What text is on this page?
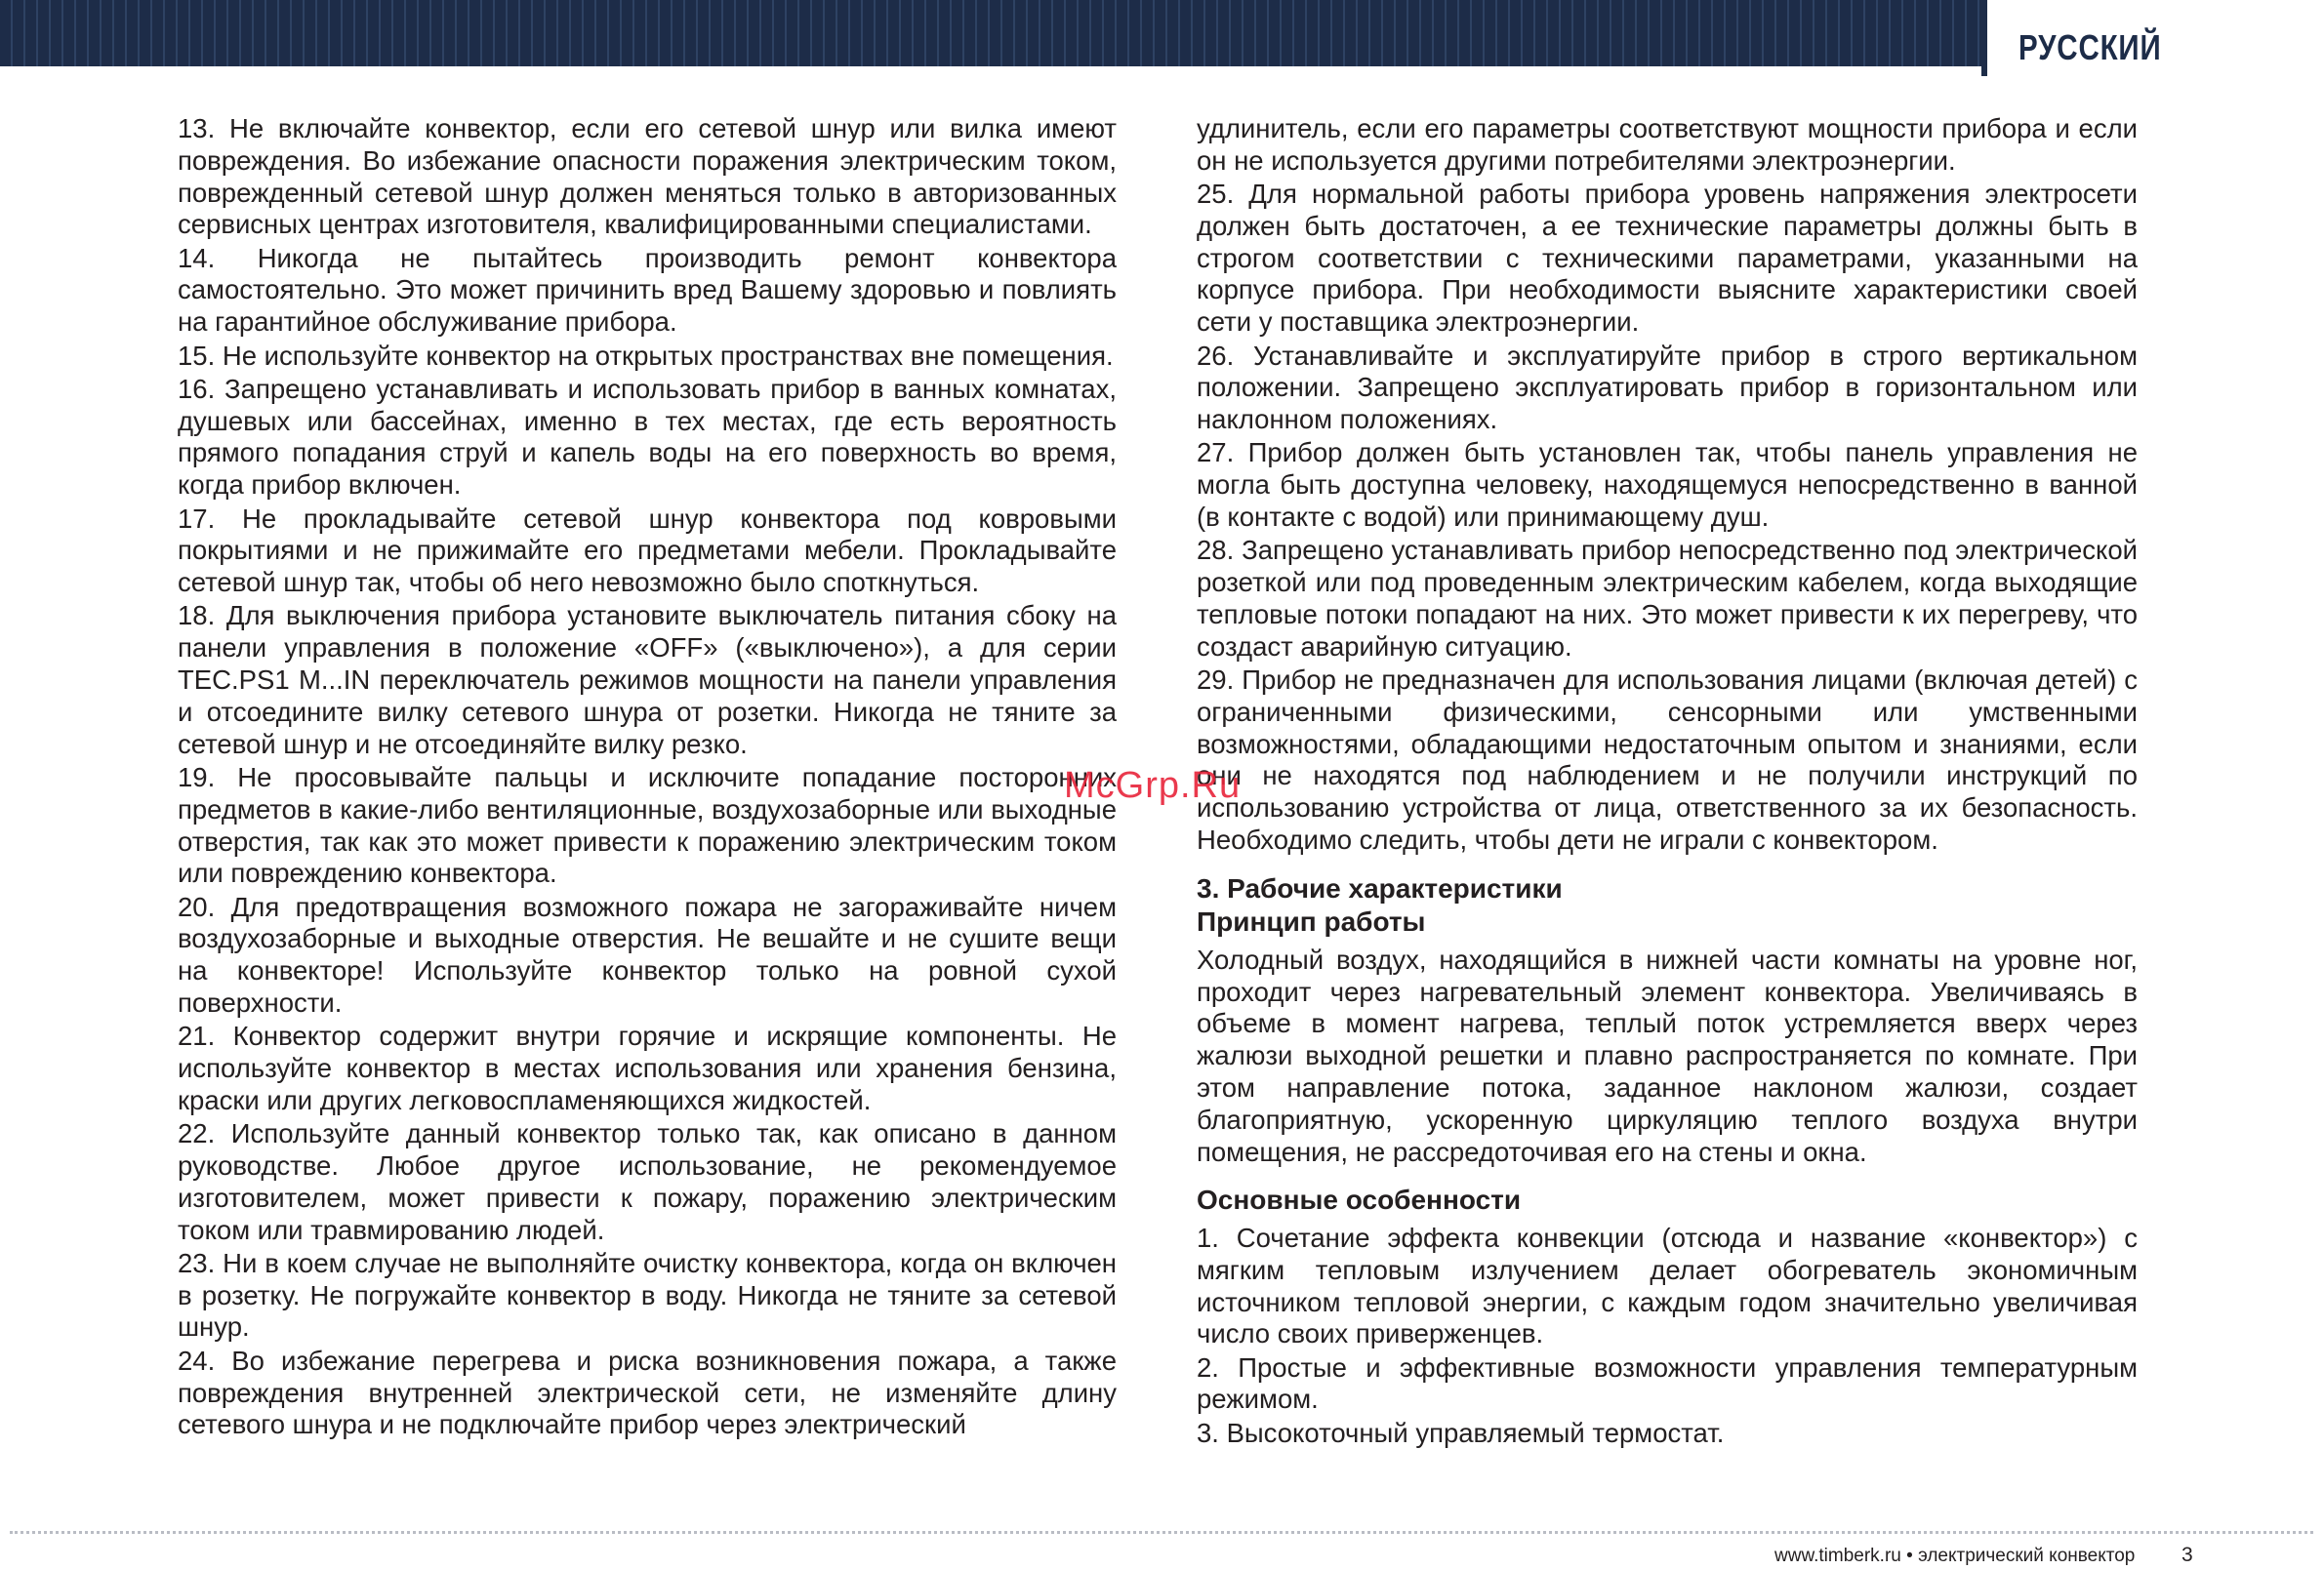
РУССКИЙ

13. Не включайте конвектор, если его сетевой шнур или вилка имеют повреждения. Во избежание опасности поражения электрическим током, поврежденный сетевой шнур должен меняться только в авторизованных сервисных центрах изготовителя, квалифицированными специалистами.

14. Никогда не пытайтесь производить ремонт конвектора самостоятельно. Это может причинить вред Вашему здоровью и повлиять на гарантийное обслуживание прибора.

15. Не используйте конвектор на открытых пространствах вне помещения.

16. Запрещено устанавливать и использовать прибор в ванных комнатах, душевых или бассейнах, именно в тех местах, где есть вероятность прямого попадания струй и капель воды на его поверхность во время, когда прибор включен.

17. Не прокладывайте сетевой шнур конвектора под ковровыми покрытиями и не прижимайте его предметами мебели. Прокладывайте сетевой шнур так, чтобы об него невозможно было споткнуться.

18. Для выключения прибора установите выключатель питания сбоку на панели управления в положение «OFF» («выключено»), а для серии TEC.PS1 M...IN переключатель режимов мощности на панели управления и отсоедините вилку сетевого шнура от розетки. Никогда не тяните за сетевой шнур и не отсоединяйте вилку резко.

19. Не просовывайте пальцы и исключите попадание посторонних предметов в какие-либо вентиляционные, воздухозаборные или выходные отверстия, так как это может привести к поражению электрическим током или повреждению конвектора.

20. Для предотвращения возможного пожара не загораживайте ничем воздухозаборные и выходные отверстия. Не вешайте и не сушите вещи на конвекторе! Используйте конвектор только на ровной сухой поверхности.

21. Конвектор содержит внутри горячие и искрящие компоненты. Не используйте конвектор в местах использования или хранения бензина, краски или других легковоспламеняющихся жидкостей.

22. Используйте данный конвектор только так, как описано в данном руководстве. Любое другое использование, не рекомендуемое изготовителем, может привести к пожару, поражению электрическим током или травмированию людей.

23. Ни в коем случае не выполняйте очистку конвектора, когда он включен в розетку. Не погружайте конвектор в воду. Никогда не тяните за сетевой шнур.

24. Во избежание перегрева и риска возникновения пожара, а также повреждения внутренней электрической сети, не изменяйте длину сетевого шнура и не подключайте прибор через электрический

удлинитель, если его параметры соответствуют мощности прибора и если он не используется другими потребителями электроэнергии.

25. Для нормальной работы прибора уровень напряжения электросети должен быть достаточен, а ее технические параметры должны быть в строгом соответствии с техническими параметрами, указанными на корпусе прибора. При необходимости выясните характеристики своей сети у поставщика электроэнергии.

26. Устанавливайте и эксплуатируйте прибор в строго вертикальном положении. Запрещено эксплуатировать прибор в горизонтальном или наклонном положениях.

27. Прибор должен быть установлен так, чтобы панель управления не могла быть доступна человеку, находящемуся непосредственно в ванной (в контакте с водой) или принимающему душ.

28. Запрещено устанавливать прибор непосредственно под электрической розеткой или под проведенным электрическим кабелем, когда выходящие тепловые потоки попадают на них. Это может привести к их перегреву, что создаст аварийную ситуацию.

29. Прибор не предназначен для использования лицами (включая детей) с ограниченными физическими, сенсорными или умственными возможностями, обладающими недостаточным опытом и знаниями, если они не находятся под наблюдением и не получили инструкций по использованию устройства от лица, ответственного за их безопасность. Необходимо следить, чтобы дети не играли с конвектором.

3. Рабочие характеристики
Принцип работы

Холодный воздух, находящийся в нижней части комнаты на уровне ног, проходит через нагревательный элемент конвектора. Увеличиваясь в объеме в момент нагрева, теплый поток устремляется вверх через жалюзи выходной решетки и плавно распространяется по комнате. При этом направление потока, заданное наклоном жалюзи, создает благоприятную, ускоренную циркуляцию теплого воздуха внутри помещения, не рассредоточивая его на стены и окна.

Основные особенности

1. Сочетание эффекта конвекции (отсюда и название «конвектор») с мягким тепловым излучением делает обогреватель экономичным источником тепловой энергии, с каждым годом значительно увеличивая число своих приверженцев.

2. Простые и эффективные возможности управления температурным режимом.

3. Высокоточный управляемый термостат.

McGrp.Ru
www.timberk.ru • электрический конвектор 3
